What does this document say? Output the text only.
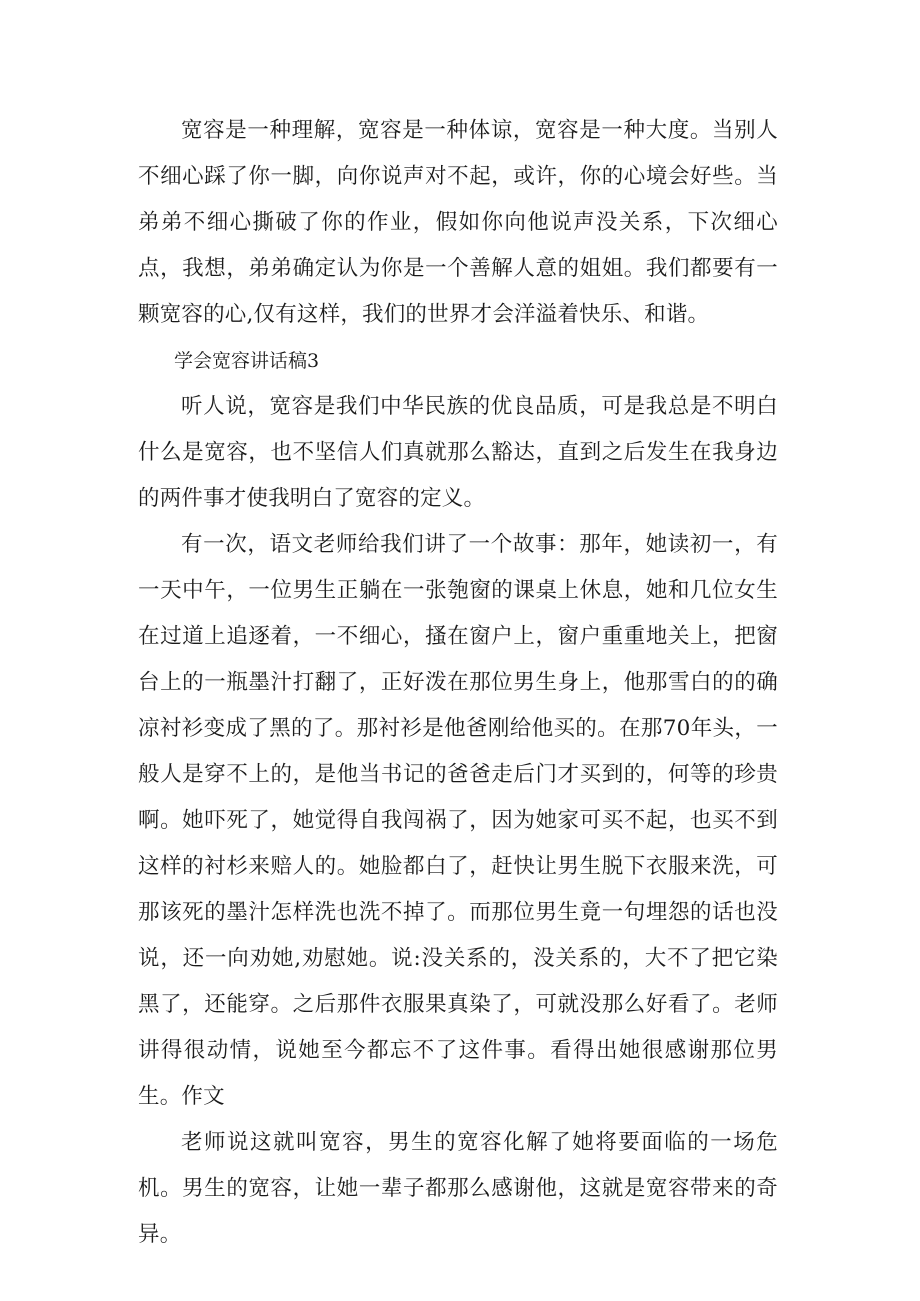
宽容是一种理解，宽容是一种体谅，宽容是一种大度。当别人不细心踩了你一脚，向你说声对不起，或许，你的心境会好些。当弟弟不细心撕破了你的作业，假如你向他说声没关系，下次细心点，我想，弟弟确定认为你是一个善解人意的姐姐。我们都要有一颗宽容的心,仅有这样，我们的世界才会洋溢着快乐、和谐。

学会宽容讲话稿3

听人说，宽容是我们中华民族的优良品质，可是我总是不明白什么是宽容，也不坚信人们真就那么豁达，直到之后发生在我身边的两件事才使我明白了宽容的定义。

有一次，语文老师给我们讲了一个故事：那年，她读初一，有一天中午，一位男生正躺在一张匏窗的课桌上休息，她和几位女生在过道上追逐着，一不细心，搔在窗户上，窗户重重地关上，把窗台上的一瓶墨汁打翻了，正好泼在那位男生身上，他那雪白的的确凉衬衫变成了黑的了。那衬衫是他爸刚给他买的。在那70年头，一般人是穿不上的，是他当书记的爸爸走后门才买到的，何等的珍贵啊。她吓死了，她觉得自我闯祸了，因为她家可买不起，也买不到这样的衬杉来赔人的。她脸都白了，赶快让男生脱下衣服来洗，可那该死的墨汁怎样洗也洗不掉了。而那位男生竟一句埋怨的话也没说，还一向劝她,劝慰她。说:没关系的，没关系的，大不了把它染黑了，还能穿。之后那件衣服果真染了，可就没那么好看了。老师讲得很动情，说她至今都忘不了这件事。看得出她很感谢那位男生。作文

老师说这就叫宽容，男生的宽容化解了她将要面临的一场危机。男生的宽容，让她一辈子都那么感谢他，这就是宽容带来的奇异。
